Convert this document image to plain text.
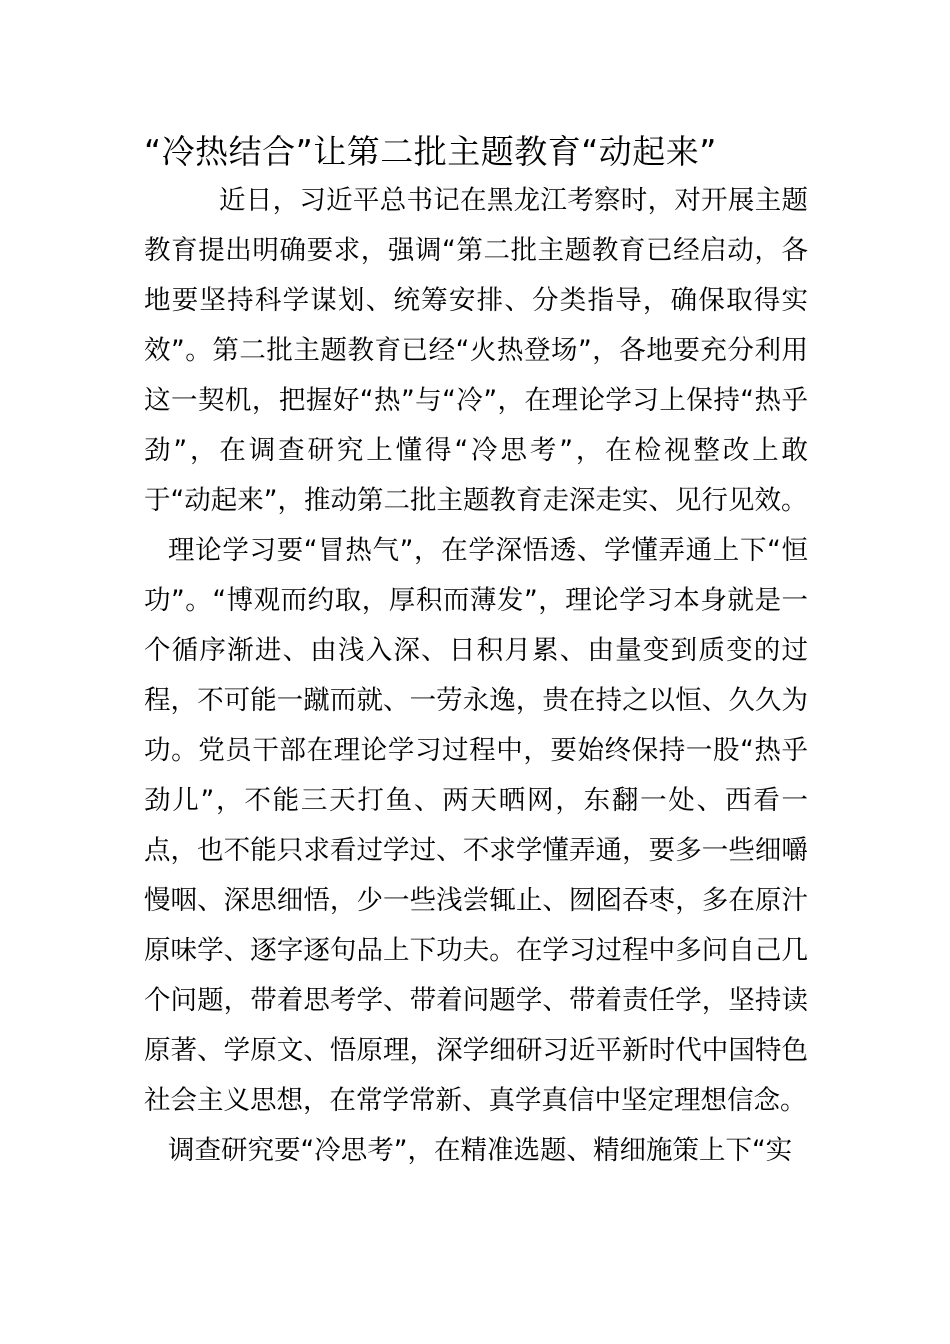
“冷热结合”让第二批主题教育“动起来”

近日，习近平总书记在黑龙江考察时，对开展主题教育提出明确要求，强调“第二批主题教育已经启动，各地要坚持科学谋划、统筹安排、分类指导，确保取得实效”。第二批主题教育已经“火热登场”，各地要充分利用这一契机，把握好“热”与“冷”，在理论学习上保持“热乎劲”，在调查研究上懂得“冷思考”，在检视整改上敢于“动起来”，推动第二批主题教育走深走实、见行见效。

理论学习要“冒热气”，在学深悟透、学懂弄通上下“恒功”。“博观而约取，厚积而薄发”，理论学习本身就是一个循序渐进、由浅入深、日积月累、由量变到质变的过程，不可能一蹴而就、一劳永逸，贵在持之以恒、久久为功。党员干部在理论学习过程中，要始终保持一股“热乎劲儿”，不能三天打鱼、两天晒网，东翻一处、西看一点，也不能只求看过学过、不求学懂弄通，要多一些细嚼慢咽、深思细悟，少一些浅尝辄止、囫囵吞枣，多在原汁原味学、逐字逐句品上下功夫。在学习过程中多问自己几个问题，带着思考学、带着问题学、带着责任学，坚持读原著、学原文、悟原理，深学细研习近平新时代中国特色社会主义思想，在常学常新、真学真信中坚定理想信念。

调查研究要“冷思考”，在精准选题、精细施策上下“实
